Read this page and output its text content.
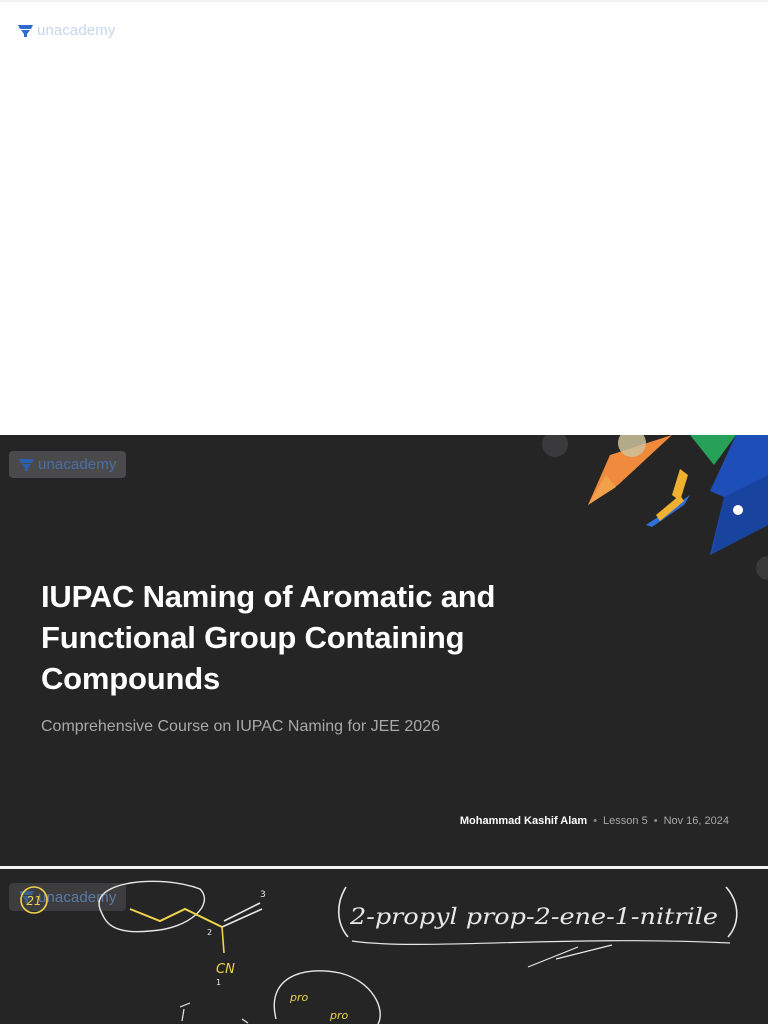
unacademy
unacademy
IUPAC Naming of Aromatic and Functional Group Containing Compounds

Comprehensive Course on IUPAC Naming for JEE 2026

Mohammad Kashif Alam • Lesson 5 • Nov 16, 2024

unacademy
21
CN
3
2
1
2-propyl prop-2-ene-1-nitrile
pro
pro
